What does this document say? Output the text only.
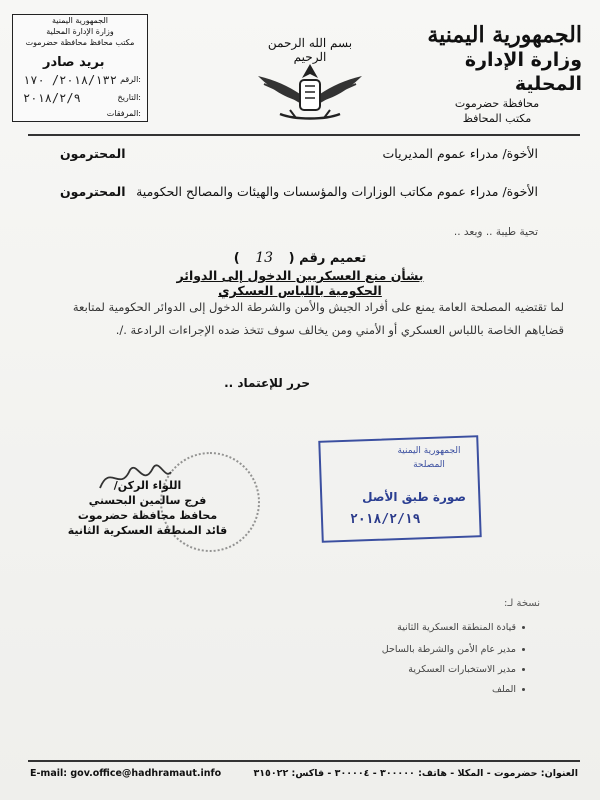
الجمهورية اليمنية
وزارة الإدارة المحلية
محافظة حضرموت
مكتب المحافظ
بسم الله الرحمن الرحيم
الجمهورية اليمنية
وزارة الإدارة المحلية
مكتب محافظ محافظة حضرموت
بريد صادر
الرقم:
٢٠١٨/١٣٢/ ١٧٠
التاريخ:
٢٠١٨/٢/٩
المرفقات:
الأخوة/ مدراء عموم المديريات
المحترمون
الأخوة/ مدراء عموم مكاتب الوزارات والمؤسسات والهيئات والمصالح الحكومية
المحترمون
تحية طيبة .. وبعد ..
تعميم رقم ( 13 )
بشأن منع العسكريين الدخول إلى الدوائر الحكومية باللباس العسكري
لما تقتضيه المصلحة العامة يمنع على أفراد الجيش والأمن والشرطة الدخول إلى الدوائر الحكومية لمتابعة قضاياهم الخاصة باللباس العسكري أو الأمني ومن يخالف سوف تتخذ ضده الإجراءات الرادعة ./.
حرر للإعتماد ..
اللواء الركن/
فرج سالمين البحسني
محافظ محافظة حضرموت
قائد المنطقة العسكرية الثانية
الجمهورية اليمنية
المصلحة
صورة طبق الأصل
٢٠١٨/٢/١٩
نسخة لـ:
قيادة المنطقة العسكرية الثانية
مدير عام الأمن والشرطة بالساحل
مدير الاستخبارات العسكرية
الملف
العنوان: حضرموت - المكلا - هاتف: ٣٠٠٠٠٠ - ٣٠٠٠٠٤ - فاكس: ٣١٥٠٢٢
E-mail: gov.office@hadhramaut.info
